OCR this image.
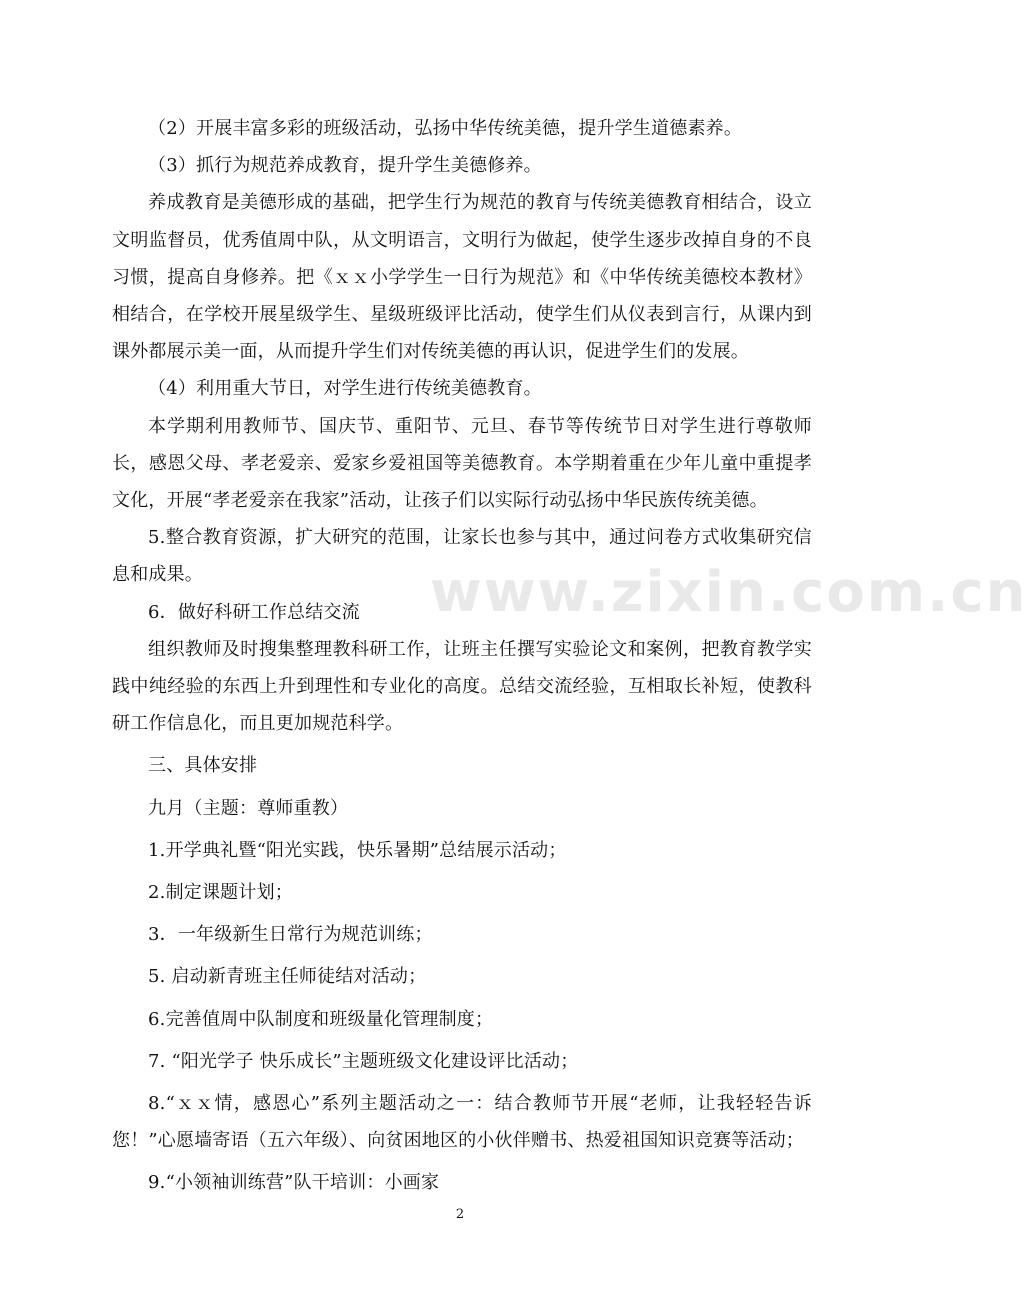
www.zixin.com.cn

（2）开展丰富多彩的班级活动，弘扬中华传统美德，提升学生道德素养。

（3）抓行为规范养成教育，提升学生美德修养。

养成教育是美德形成的基础，把学生行为规范的教育与传统美德教育相结合，设立文明监督员，优秀值周中队，从文明语言，文明行为做起，使学生逐步改掉自身的不良习惯，提高自身修养。把《ｘｘ小学学生一日行为规范》和《中华传统美德校本教材》相结合，在学校开展星级学生、星级班级评比活动，使学生们从仪表到言行，从课内到课外都展示美一面，从而提升学生们对传统美德的再认识，促进学生们的发展。

（4）利用重大节日，对学生进行传统美德教育。

本学期利用教师节、国庆节、重阳节、元旦、春节等传统节日对学生进行尊敬师长，感恩父母、孝老爱亲、爱家乡爱祖国等美德教育。本学期着重在少年儿童中重提孝文化，开展“孝老爱亲在我家”活动，让孩子们以实际行动弘扬中华民族传统美德。

5.整合教育资源，扩大研究的范围，让家长也参与其中，通过问卷方式收集研究信息和成果。

6．做好科研工作总结交流

组织教师及时搜集整理教科研工作，让班主任撰写实验论文和案例，把教育教学实践中纯经验的东西上升到理性和专业化的高度。总结交流经验，互相取长补短，使教科研工作信息化，而且更加规范科学。

三、具体安排

九月（主题：尊师重教）

1.开学典礼暨“阳光实践，快乐暑期”总结展示活动；

2.制定课题计划；

3．一年级新生日常行为规范训练；

5. 启动新青班主任师徒结对活动；

6.完善值周中队制度和班级量化管理制度；

7. “阳光学子 快乐成长”主题班级文化建设评比活动；

8.“ｘｘ情，感恩心”系列主题活动之一：结合教师节开展“老师，让我轻轻告诉您！”心愿墙寄语（五六年级）、向贫困地区的小伙伴赠书、热爱祖国知识竞赛等活动；

9.“小领袖训练营”队干培训：小画家

2
